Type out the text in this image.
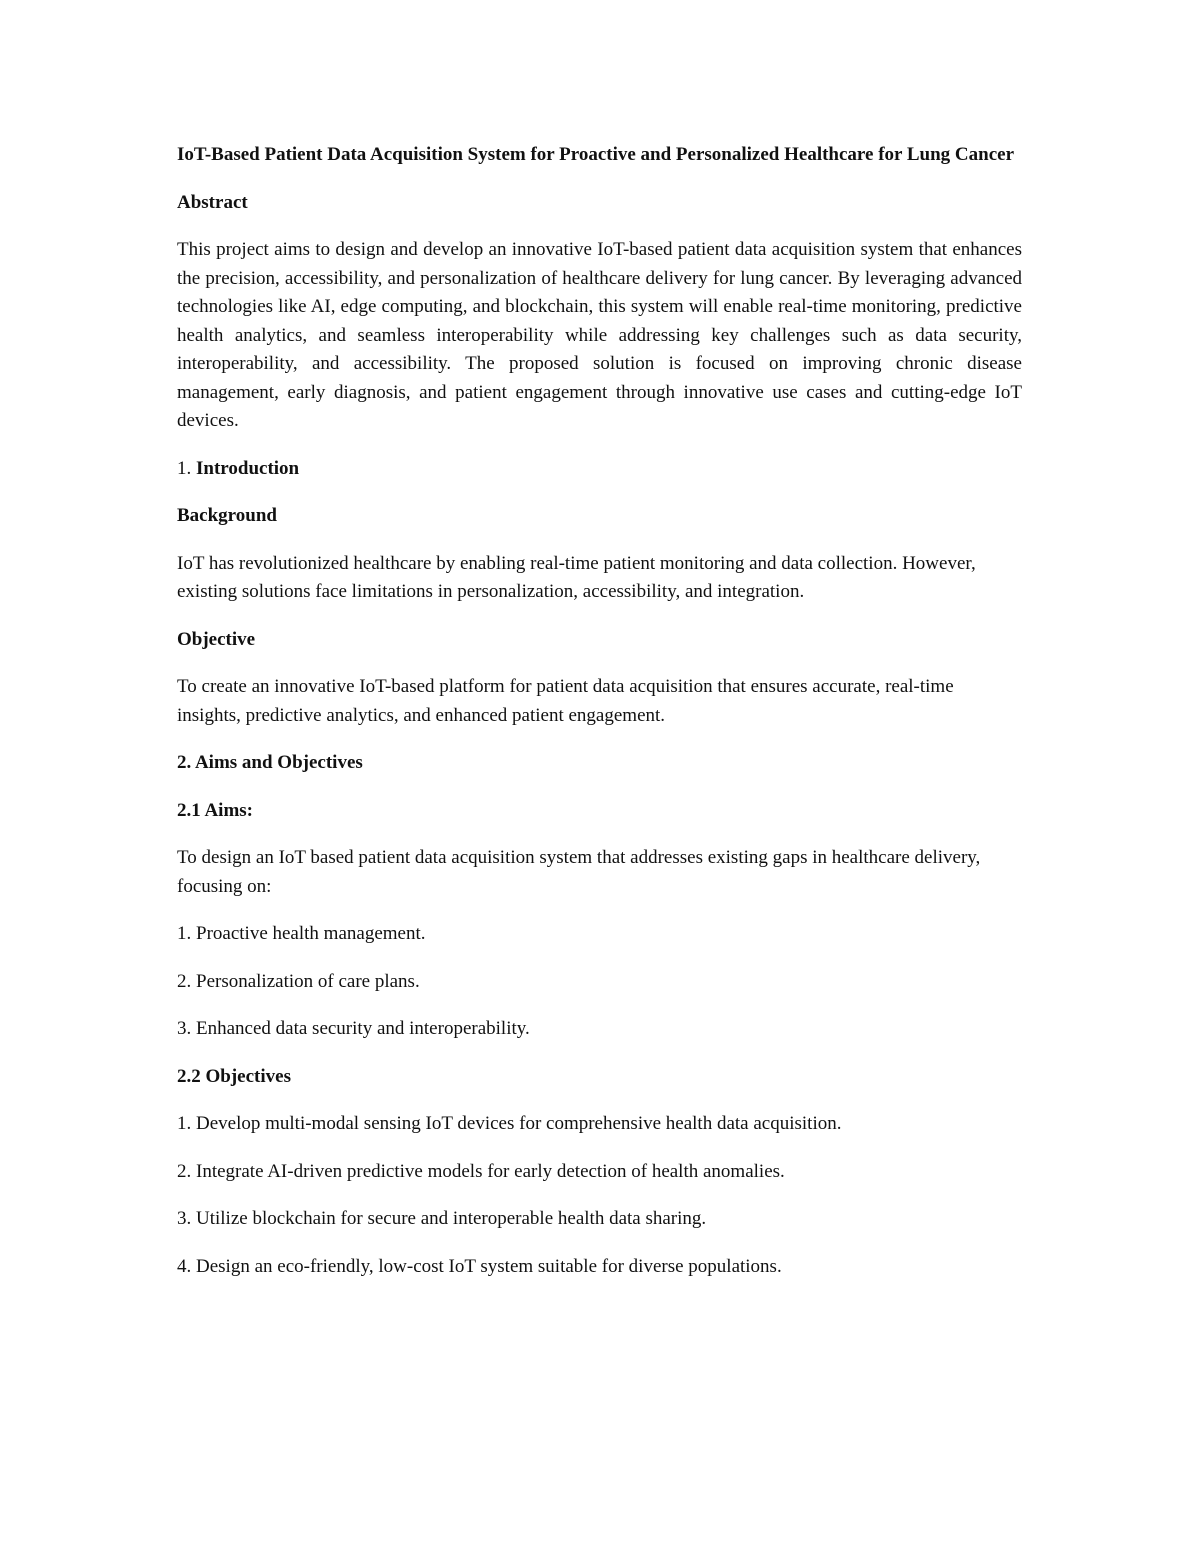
IoT-Based Patient Data Acquisition System for Proactive and Personalized Healthcare for Lung Cancer

Abstract

This project aims to design and develop an innovative IoT-based patient data acquisition system that enhances the precision, accessibility, and personalization of healthcare delivery for lung cancer. By leveraging advanced technologies like AI, edge computing, and blockchain, this system will enable real-time monitoring, predictive health analytics, and seamless interoperability while addressing key challenges such as data security, interoperability, and accessibility. The proposed solution is focused on improving chronic disease management, early diagnosis, and patient engagement through innovative use cases and cutting-edge IoT devices.

1. Introduction

Background

IoT has revolutionized healthcare by enabling real-time patient monitoring and data collection. However, existing solutions face limitations in personalization, accessibility, and integration.

Objective

To create an innovative IoT-based platform for patient data acquisition that ensures accurate, real-time insights, predictive analytics, and enhanced patient engagement.

2. Aims and Objectives

2.1 Aims:

To design an IoT based patient data acquisition system that addresses existing gaps in healthcare delivery, focusing on:

1. Proactive health management.

2. Personalization of care plans.

3. Enhanced data security and interoperability.

2.2 Objectives

1. Develop multi-modal sensing IoT devices for comprehensive health data acquisition.

2. Integrate AI-driven predictive models for early detection of health anomalies.

3. Utilize blockchain for secure and interoperable health data sharing.

4. Design an eco-friendly, low-cost IoT system suitable for diverse populations.
